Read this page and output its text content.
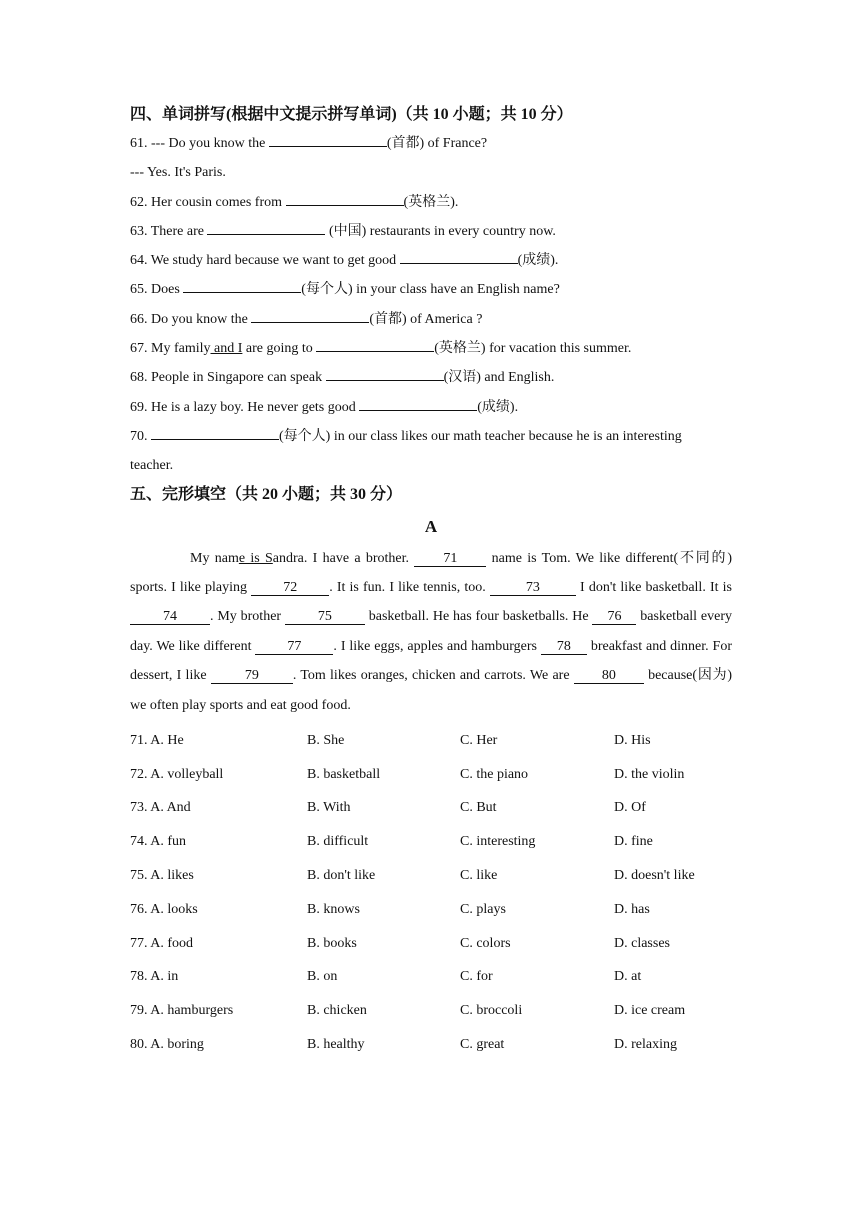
四、单词拼写(根据中文提示拼写单词)（共 10 小题；共 10 分）

61. --- Do you know the	(首都) of France?

--- Yes. It's Paris.

62. Her cousin comes from	(英格兰).

63. There are	(中国) restaurants in every country now.

64. We study hard because we want to get good	(成绩).

65. Does	(每个人) in your class have an English name?

66. Do you know the	(首都) of America ?

67. My family and I are going to	(英格兰) for vacation this summer.

68. People in Singapore can speak	(汉语) and English.

69. He is a lazy boy. He never gets good	(成绩).

70.	(每个人) in our class likes our math teacher because he is an interesting

teacher.

五、完形填空（共 20 小题；共 30 分）

A

My name is Sandra. I have a brother. 71 name is Tom. We like different(不同的) sports. I like playing 72 . It is fun. I like tennis, too.	73	I don't like basketball. It is 74 . My brother 75 basketball. He has four basketballs. He 76 basketball every day. We like different 77 . I like eggs, apples and hamburgers 78 breakfast and dinner. For dessert, I like 79 . Tom likes oranges, chicken and carrots. We are 80 because(因为) we often play sports and eat good food.

71. A. He	B. She	C. Her	D. His
72. A. volleyball	B. basketball	C. the piano	D. the violin
73. A. And	B. With	C. But	D. Of
74. A. fun	B. difficult	C. interesting	D. fine
75. A. likes	B. don't like	C. like	D. doesn't like
76. A. looks	B. knows	C. plays	D. has
77. A. food	B. books	C. colors	D. classes
78. A. in	B. on	C. for	D. at
79. A. hamburgers	B. chicken	C. broccoli	D. ice cream
80. A. boring	B. healthy	C. great	D. relaxing
